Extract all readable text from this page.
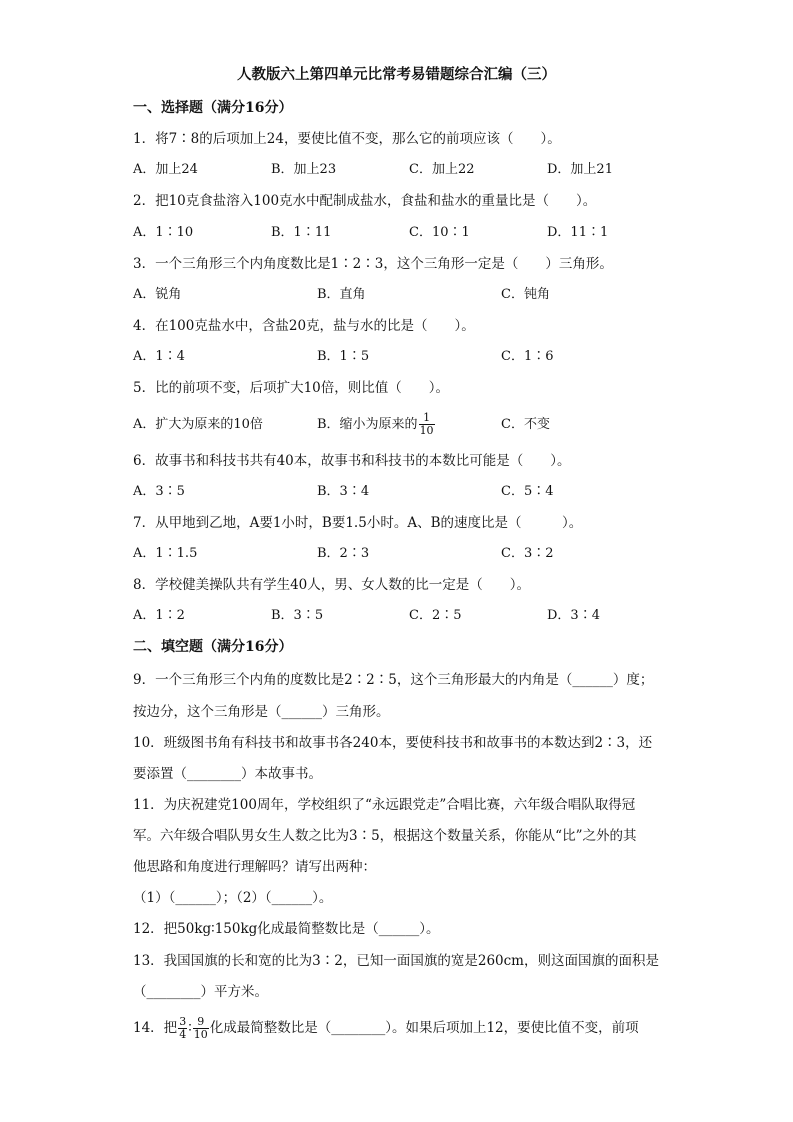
人教版六上第四单元比常考易错题综合汇编（三）
一、选择题（满分16分）
1．将7∶8的后项加上24，要使比值不变，那么它的前项应该（　　）。
A．加上24	B．加上23	C．加上22	D．加上21
2．把10克食盐溶入100克水中配制成盐水，食盐和盐水的重量比是（　　）。
A．1∶10	B．1∶11	C．10∶1	D．11∶1
3．一个三角形三个内角度数比是1∶2∶3，这个三角形一定是（　　）三角形。
A．锐角	B．直角	C．钝角
4．在100克盐水中，含盐20克，盐与水的比是（　　）。
A．1∶4	B．1∶5	C．1∶6
5．比的前项不变，后项扩大10倍，则比值（　　）。
A．扩大为原来的10倍	B．缩小为原来的 $\frac{1}{10}$	C．不变
6．故事书和科技书共有40本，故事书和科技书的本数比可能是（　　）。
A．3∶5	B．3∶4	C．5∶4
7．从甲地到乙地，A要1小时，B要1.5小时。A、B的速度比是（　　　）。
A．1∶1.5	B．2∶3	C．3∶2
8．学校健美操队共有学生40人，男、女人数的比一定是（　　）。
A．1∶2	B．3∶5	C．2∶5	D．3∶4
二、填空题（满分16分）
9．一个三角形三个内角的度数比是2∶2∶5，这个三角形最大的内角是（______）度；
按边分，这个三角形是（______）三角形。
10．班级图书角有科技书和故事书各240本，要使科技书和故事书的本数达到2∶3，还
要添置（________）本故事书。
11．为庆祝建党100周年，学校组织了“永远跟党走”合唱比赛，六年级合唱队取得冠
军。六年级合唱队男女生人数之比为3∶5，根据这个数量关系，你能从“比”之外的其
他思路和角度进行理解吗？请写出两种：
（1）（______）；（2）（______）。
12．把50kg∶150kg化成最简整数比是（______）。
13．我国国旗的长和宽的比为3∶2，已知一面国旗的宽是260cm，则这面国旗的面积是
（________）平方米。
14．把 $\frac{3}{4}$ ∶ $\frac{9}{10}$ 化成最简整数比是（________）。如果后项加上12，要使比值不变，前项
